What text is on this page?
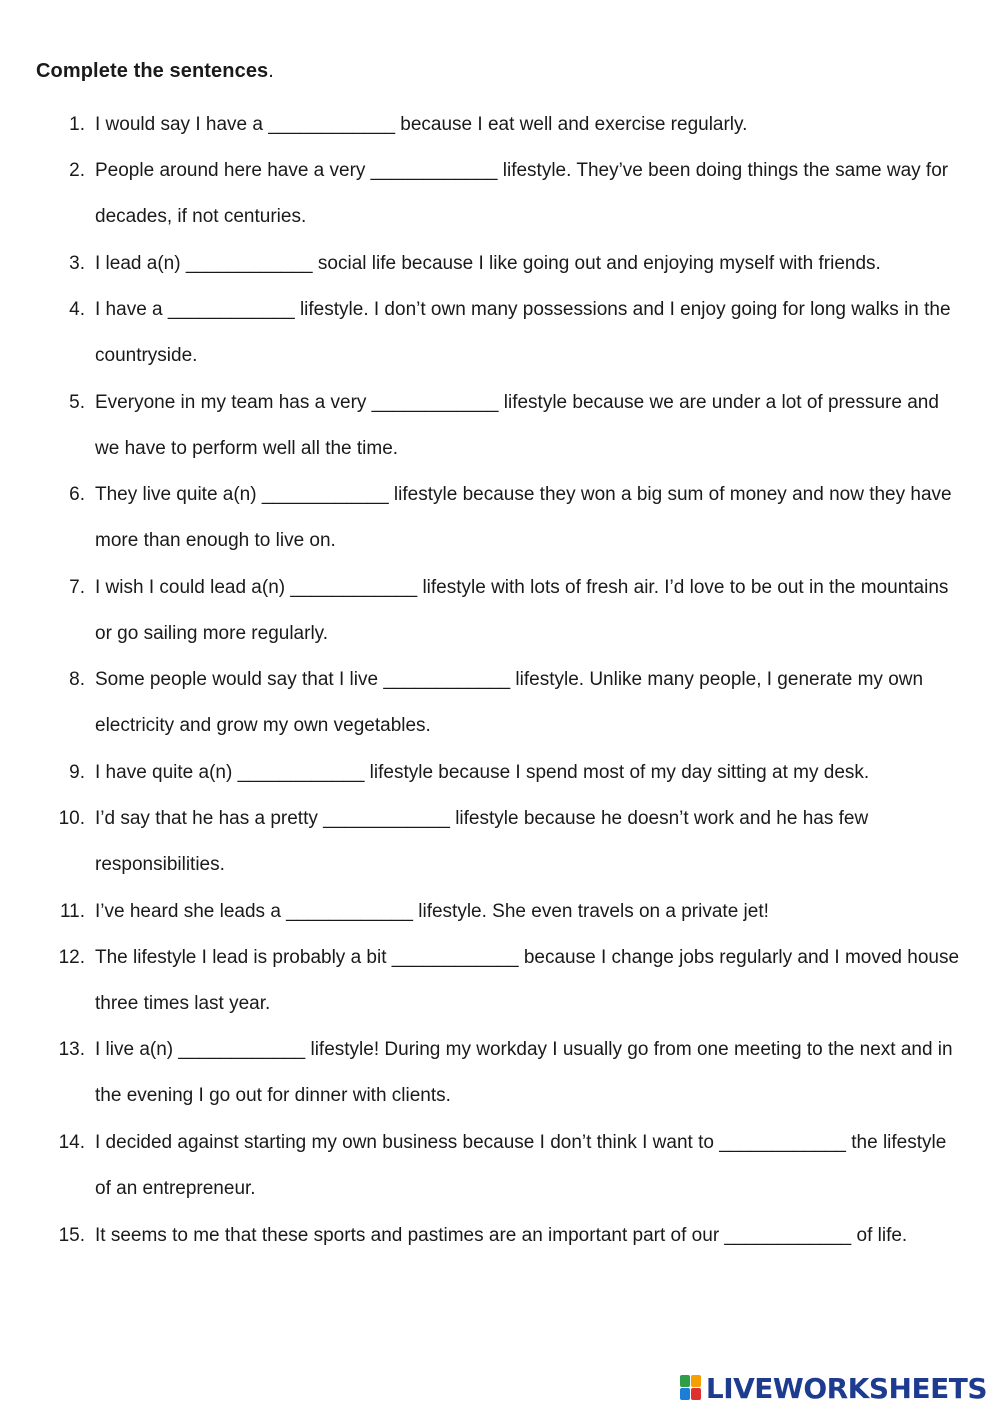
Complete the sentences.
1. I would say I have a ____________ because I eat well and exercise regularly.
2. People around here have a very ____________ lifestyle. They’ve been doing things the same way for decades, if not centuries.
3. I lead a(n) ____________ social life because I like going out and enjoying myself with friends.
4. I have a ____________ lifestyle. I don’t own many possessions and I enjoy going for long walks in the countryside.
5. Everyone in my team has a very ____________ lifestyle because we are under a lot of pressure and we have to perform well all the time.
6. They live quite a(n) ____________ lifestyle because they won a big sum of money and now they have more than enough to live on.
7. I wish I could lead a(n) ____________ lifestyle with lots of fresh air. I’d love to be out in the mountains or go sailing more regularly.
8. Some people would say that I live ____________ lifestyle. Unlike many people, I generate my own electricity and grow my own vegetables.
9. I have quite a(n) ____________ lifestyle because I spend most of my day sitting at my desk.
10. I’d say that he has a pretty ____________ lifestyle because he doesn’t work and he has few responsibilities.
11. I’ve heard she leads a ____________ lifestyle. She even travels on a private jet!
12. The lifestyle I lead is probably a bit ____________ because I change jobs regularly and I moved house three times last year.
13. I live a(n) ____________ lifestyle! During my workday I usually go from one meeting to the next and in the evening I go out for dinner with clients.
14. I decided against starting my own business because I don’t think I want to ____________ the lifestyle of an entrepreneur.
15. It seems to me that these sports and pastimes are an important part of our ____________ of life.
LIVEWORKSHEETS
